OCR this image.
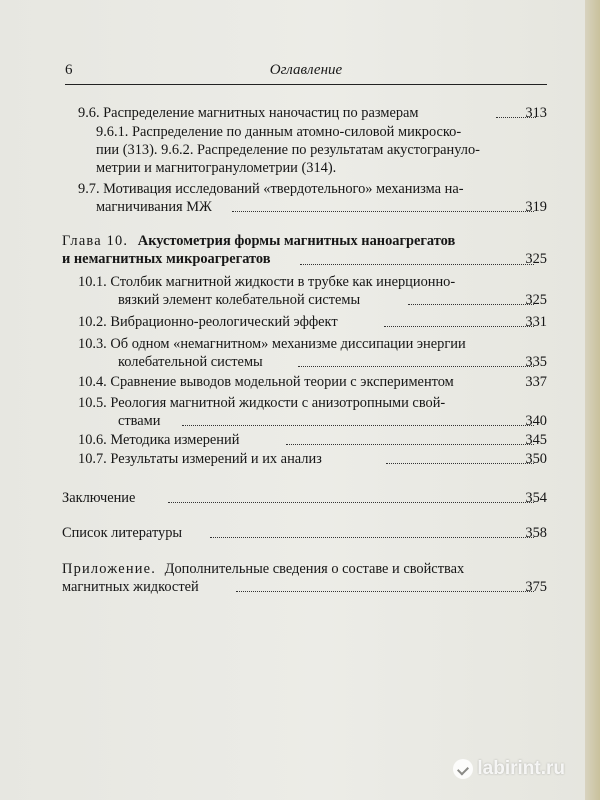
6	Оглавление
9.6. Распределение магнитных наночастиц по размерам	313
9.6.1. Распределение по данным атомно-силовой микроско-
пии (313). 9.6.2. Распределение по результатам акустогрануло-
метрии и магнитогранулометрии (314).
9.7. Мотивация исследований «твердотельного» механизма на-
магничивания МЖ	319
Глава 10. Акустометрия формы магнитных наноагрегатов
и немагнитных микроагрегатов	325
10.1. Столбик магнитной жидкости в трубке как инерционно-
вязкий элемент колебательной системы	325
10.2. Вибрационно-реологический эффект	331
10.3. Об одном «немагнитном» механизме диссипации энергии
колебательной системы	335
10.4. Сравнение выводов модельной теории с экспериментом	337
10.5. Реология магнитной жидкости с анизотропными свой-
ствами	340
10.6. Методика измерений	345
10.7. Результаты измерений и их анализ	350
Заключение	354
Список литературы	358
Приложение. Дополнительные сведения о составе и свойствах
магнитных жидкостей	375
labirint.ru
